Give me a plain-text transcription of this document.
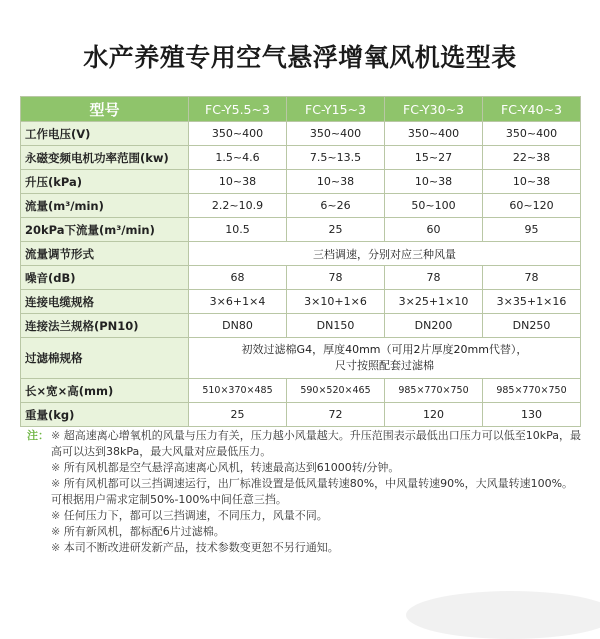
水产养殖专用空气悬浮增氧风机选型表
型号	FC-Y5.5~3	FC-Y15~3	FC-Y30~3	FC-Y40~3
工作电压(V)	350~400	350~400	350~400	350~400
永磁变频电机功率范围(kw)	1.5~4.6	7.5~13.5	15~27	22~38
升压(kPa)	10~38	10~38	10~38	10~38
流量(m³/min)	2.2~10.9	6~26	50~100	60~120
20kPa下流量(m³/min)	10.5	25	60	95
流量调节形式	三档调速，分别对应三种风量			
噪音(dB)	68	78	78	78
连接电缆规格	3×6+1×4	3×10+1×6	3×25+1×10	3×35+1×16
连接法兰规格(PN10)	DN80	DN150	DN200	DN250
过滤棉规格	初效过滤棉G4，厚度40mm（可用2片厚度20mm代替），
尺寸按照配套过滤棉			

长×宽×高(mm)	510×370×485	590×520×465	985×770×750	985×770×750
重量(kg)	25	72	120	130
注： ※ 超高速离心增氧机的风量与压力有关，压力越小风量越大。升压范围表示最低出口压力可以低至10kPa，最高可以达到38kPa，最大风量对应最低压力。
※ 所有风机都是空气悬浮高速离心风机，转速最高达到61000转/分钟。
※ 所有风机都可以三挡调速运行，出厂标准设置是低风量转速80%，中风量转速90%，大风量转速100%。可根据用户需求定制50%-100%中间任意三挡。
※ 任何压力下，都可以三挡调速，不同压力，风量不同。
※ 所有新风机，都标配6片过滤棉。
※ 本司不断改进研发新产品，技术参数变更恕不另行通知。
